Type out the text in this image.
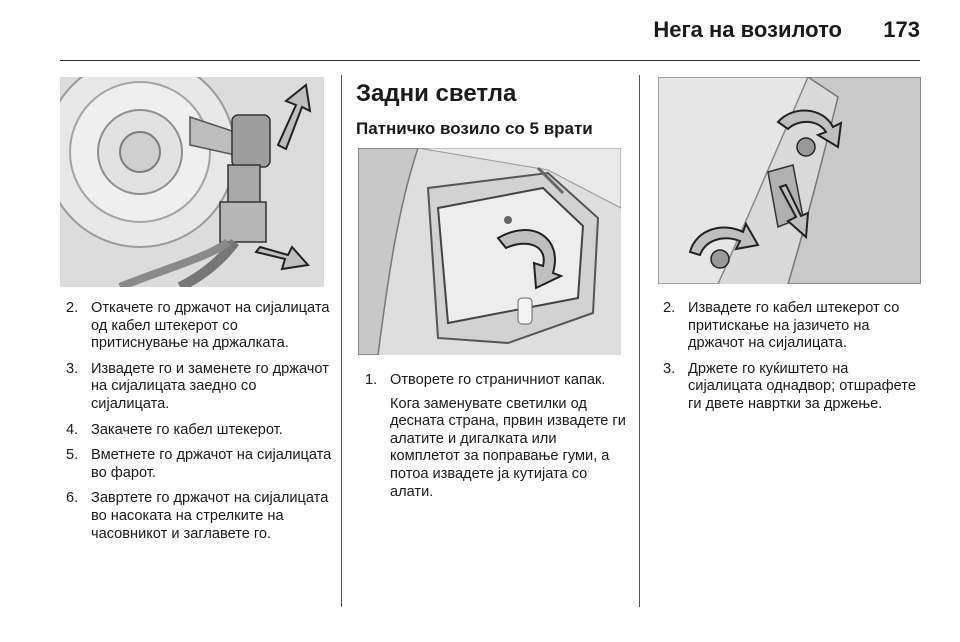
Нега на возилото 173
2. Откачете го држачот на сијалицата од кабел штекерот со притиснување на држалката.
3. Извадете го и заменете го држачот на сијалицата заедно со сијалицата.
4. Закачете го кабел штекерот.
5. Вметнете го држачот на сијалицата во фарот.
6. Завртете го држачот на сијалицата во насоката на стрелките на часовникот и заглавете го.
Задни светла
Патничко возило со 5 врати
1. Отворете го страничниот капак.
Кога заменувате светилки од десната страна, првин извадете ги алатите и дигалката или комплетот за поправање гуми, а потоа извадете ја кутијата со алати.
2. Извадете го кабел штекерот со притискање на јазичето на држачот на сијалицата.
3. Држете го куќиштето на сијалицата однадвор; отшрафете ги двете навртки за држење.
